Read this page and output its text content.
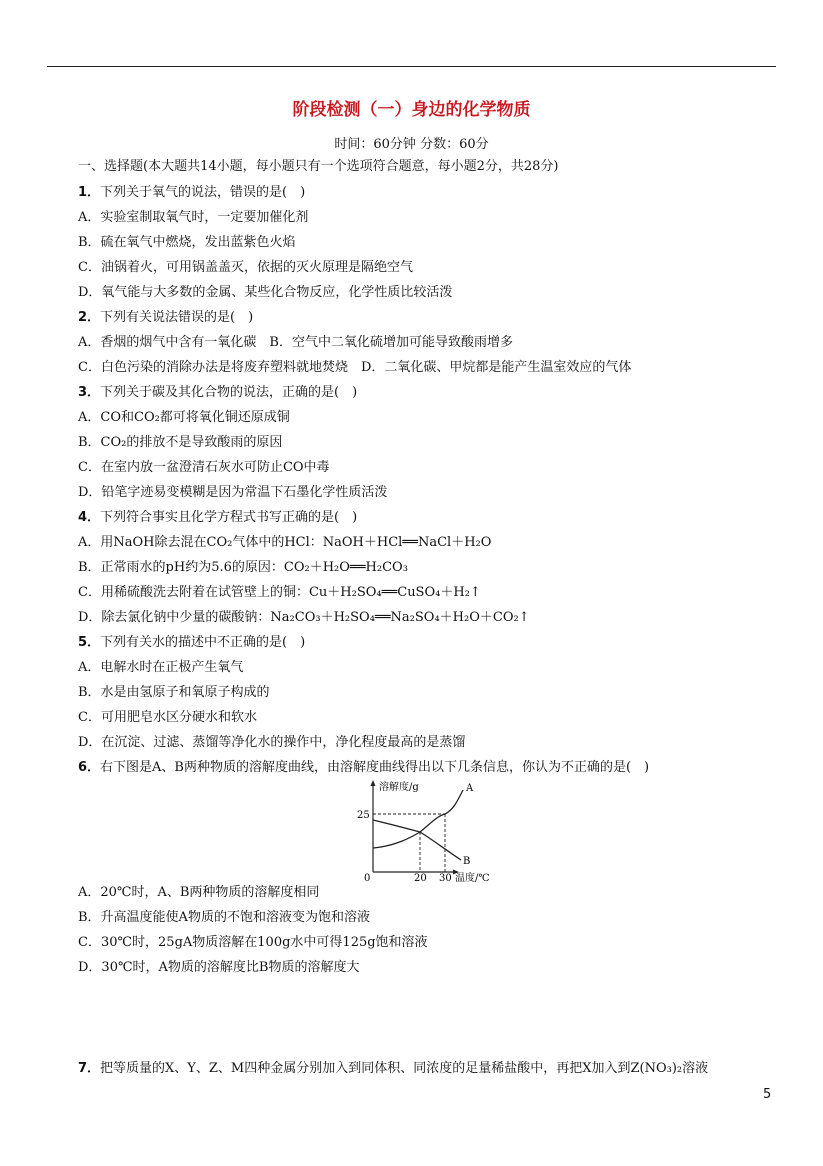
阶段检测（一）身边的化学物质
时间：60分钟 分数：60分
一、选择题(本大题共14小题，每小题只有一个选项符合题意，每小题2分，共28分)
1．下列关于氧气的说法，错误的是(　)
A．实验室制取氧气时，一定要加催化剂
B．硫在氧气中燃烧，发出蓝紫色火焰
C．油锅着火，可用锅盖盖灭，依据的灭火原理是隔绝空气
D．氧气能与大多数的金属、某些化合物反应，化学性质比较活泼
2．下列有关说法错误的是(　)
A．香烟的烟气中含有一氧化碳　B．空气中二氧化硫增加可能导致酸雨增多
C．白色污染的消除办法是将废弃塑料就地焚烧　D．二氧化碳、甲烷都是能产生温室效应的气体
3．下列关于碳及其化合物的说法，正确的是(　)
A．CO和CO₂都可将氧化铜还原成铜
B．CO₂的排放不是导致酸雨的原因
C．在室内放一盆澄清石灰水可防止CO中毒
D．铅笔字迹易变模糊是因为常温下石墨化学性质活泼
4．下列符合事实且化学方程式书写正确的是(　)
A．用NaOH除去混在CO₂气体中的HCl：NaOH＋HCl══NaCl＋H₂O
B．正常雨水的pH约为5.6的原因：CO₂＋H₂O══H₂CO₃
C．用稀硫酸洗去附着在试管壁上的铜：Cu＋H₂SO₄══CuSO₄＋H₂↑
D．除去氯化钠中少量的碳酸钠：Na₂CO₃＋H₂SO₄══Na₂SO₄＋H₂O＋CO₂↑
5．下列有关水的描述中不正确的是(　)
A．电解水时在正极产生氧气
B．水是由氢原子和氧原子构成的
C．可用肥皂水区分硬水和软水
D．在沉淀、过滤、蒸馏等净化水的操作中，净化程度最高的是蒸馏
6．右下图是A、B两种物质的溶解度曲线，由溶解度曲线得出以下几条信息，你认为不正确的是(　)
溶解度/g
温度/℃
25
0	20 30
A
B
A．20℃时，A、B两种物质的溶解度相同
B．升高温度能使A物质的不饱和溶液变为饱和溶液
C．30℃时，25gA物质溶解在100g水中可得125g饱和溶液
D．30℃时，A物质的溶解度比B物质的溶解度大
7．把等质量的X、Y、Z、M四种金属分别加入到同体积、同浓度的足量稀盐酸中，再把X加入到Z(NO₃)₂溶液
5
